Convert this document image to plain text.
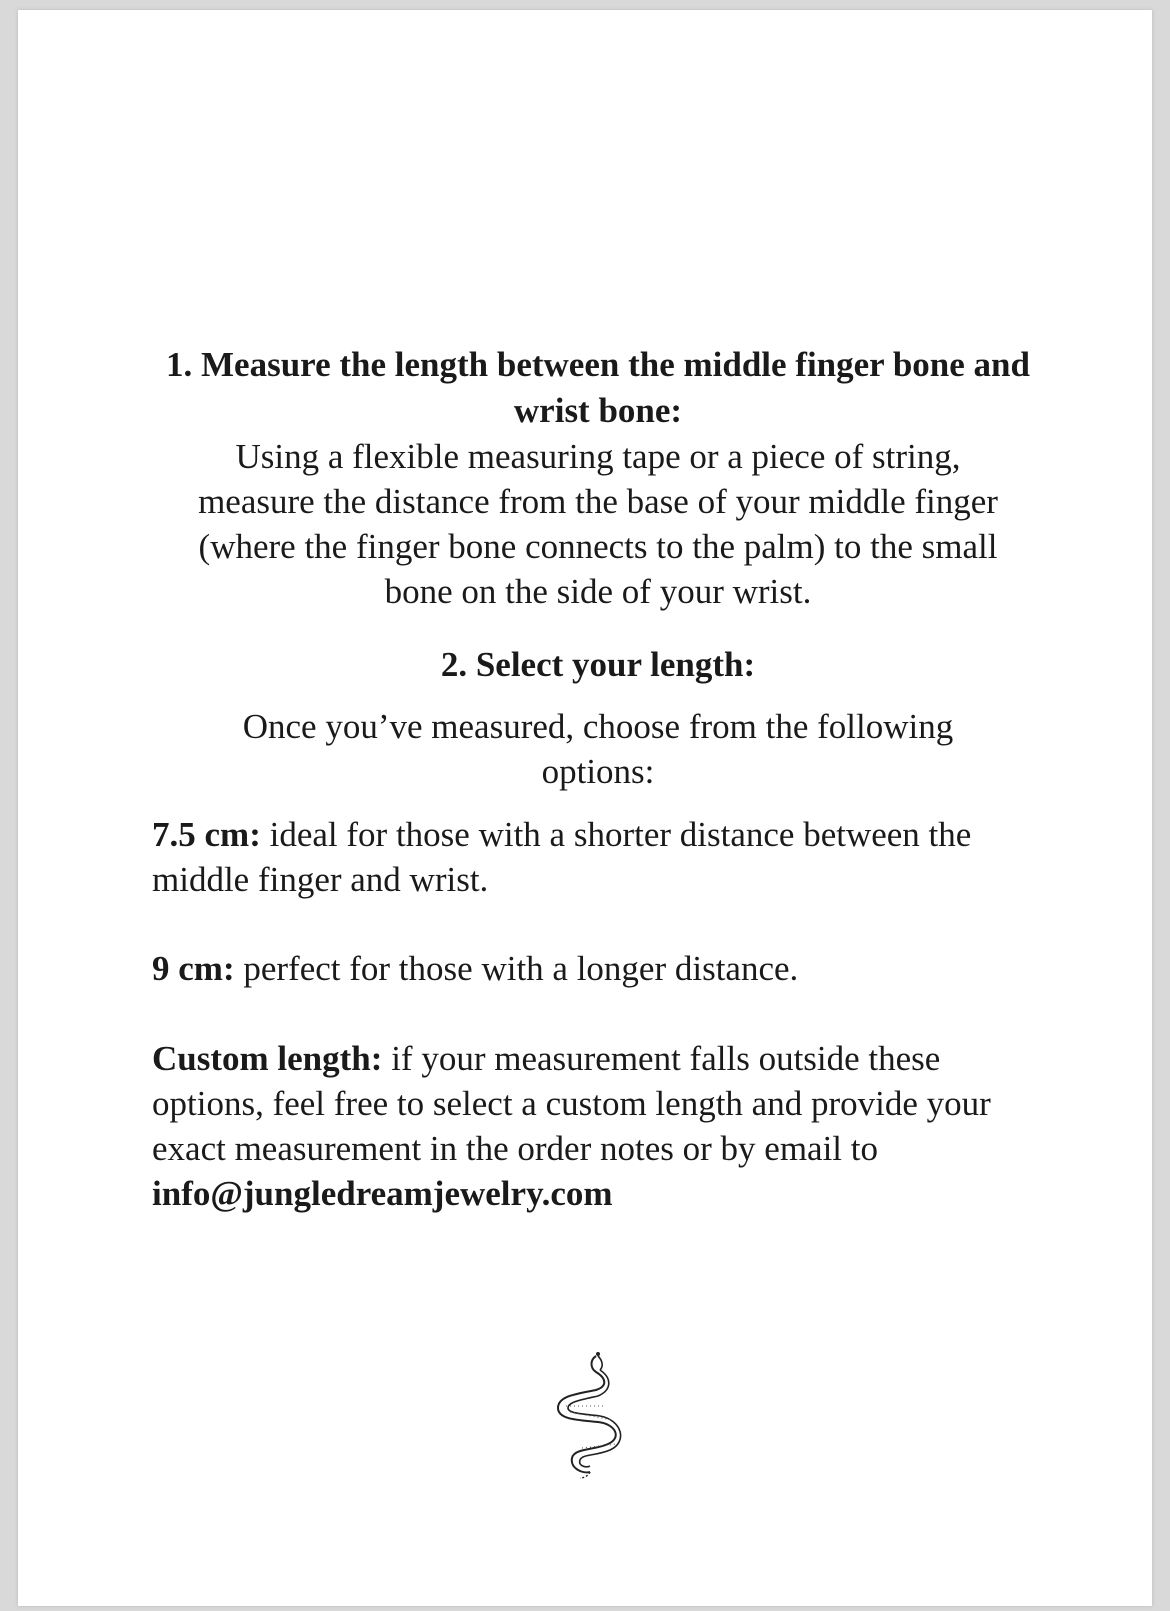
1. Measure the length between the middle finger bone and wrist bone:

Using a flexible measuring tape or a piece of string, measure the distance from the base of your middle finger (where the finger bone connects to the palm) to the small bone on the side of your wrist.

2. Select your length:

Once you’ve measured, choose from the following options:

7.5 cm: ideal for those with a shorter distance between the middle finger and wrist.

9 cm: perfect for those with a longer distance.

Custom length: if your measurement falls outside these options, feel free to select a custom length and provide your exact measurement in the order notes or by email to info@jungledreamjewelry.com
